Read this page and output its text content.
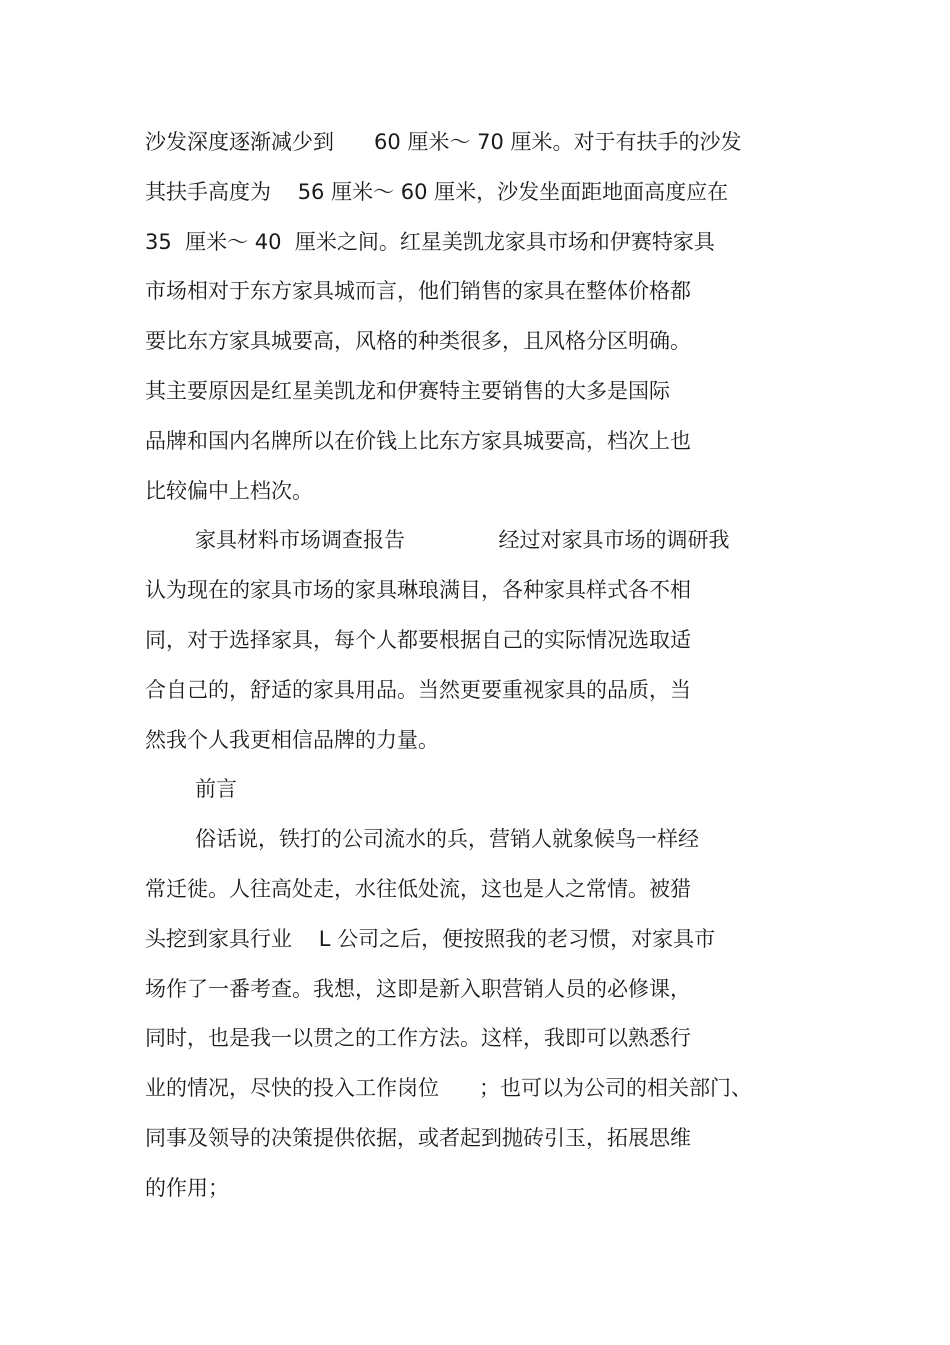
沙发深度逐渐减少到      60 厘米～ 70 厘米。对于有扶手的沙发
其扶手高度为    56 厘米～ 60 厘米，沙发坐面距地面高度应在
35  厘米～ 40  厘米之间。红星美凯龙家具市场和伊赛特家具
市场相对于东方家具城而言，他们销售的家具在整体价格都
要比东方家具城要高，风格的种类很多，且风格分区明确。
其主要原因是红星美凯龙和伊赛特主要销售的大多是国际
品牌和国内名牌所以在价钱上比东方家具城要高，档次上也
比较偏中上档次。
家具材料市场调查报告              经过对家具市场的调研我
认为现在的家具市场的家具琳琅满目，各种家具样式各不相
同，对于选择家具，每个人都要根据自己的实际情况选取适
合自己的，舒适的家具用品。当然更要重视家具的品质，当
然我个人我更相信品牌的力量。
前言
俗话说，铁打的公司流水的兵，营销人就象候鸟一样经
常迁徙。人往高处走，水往低处流，这也是人之常情。被猎
头挖到家具行业    L 公司之后，便按照我的老习惯，对家具市
场作了一番考查。我想，这即是新入职营销人员的必修课，
同时，也是我一以贯之的工作方法。这样，我即可以熟悉行
业的情况，尽快的投入工作岗位      ；也可以为公司的相关部门、
同事及领导的决策提供依据，或者起到抛砖引玉，拓展思维
的作用；
